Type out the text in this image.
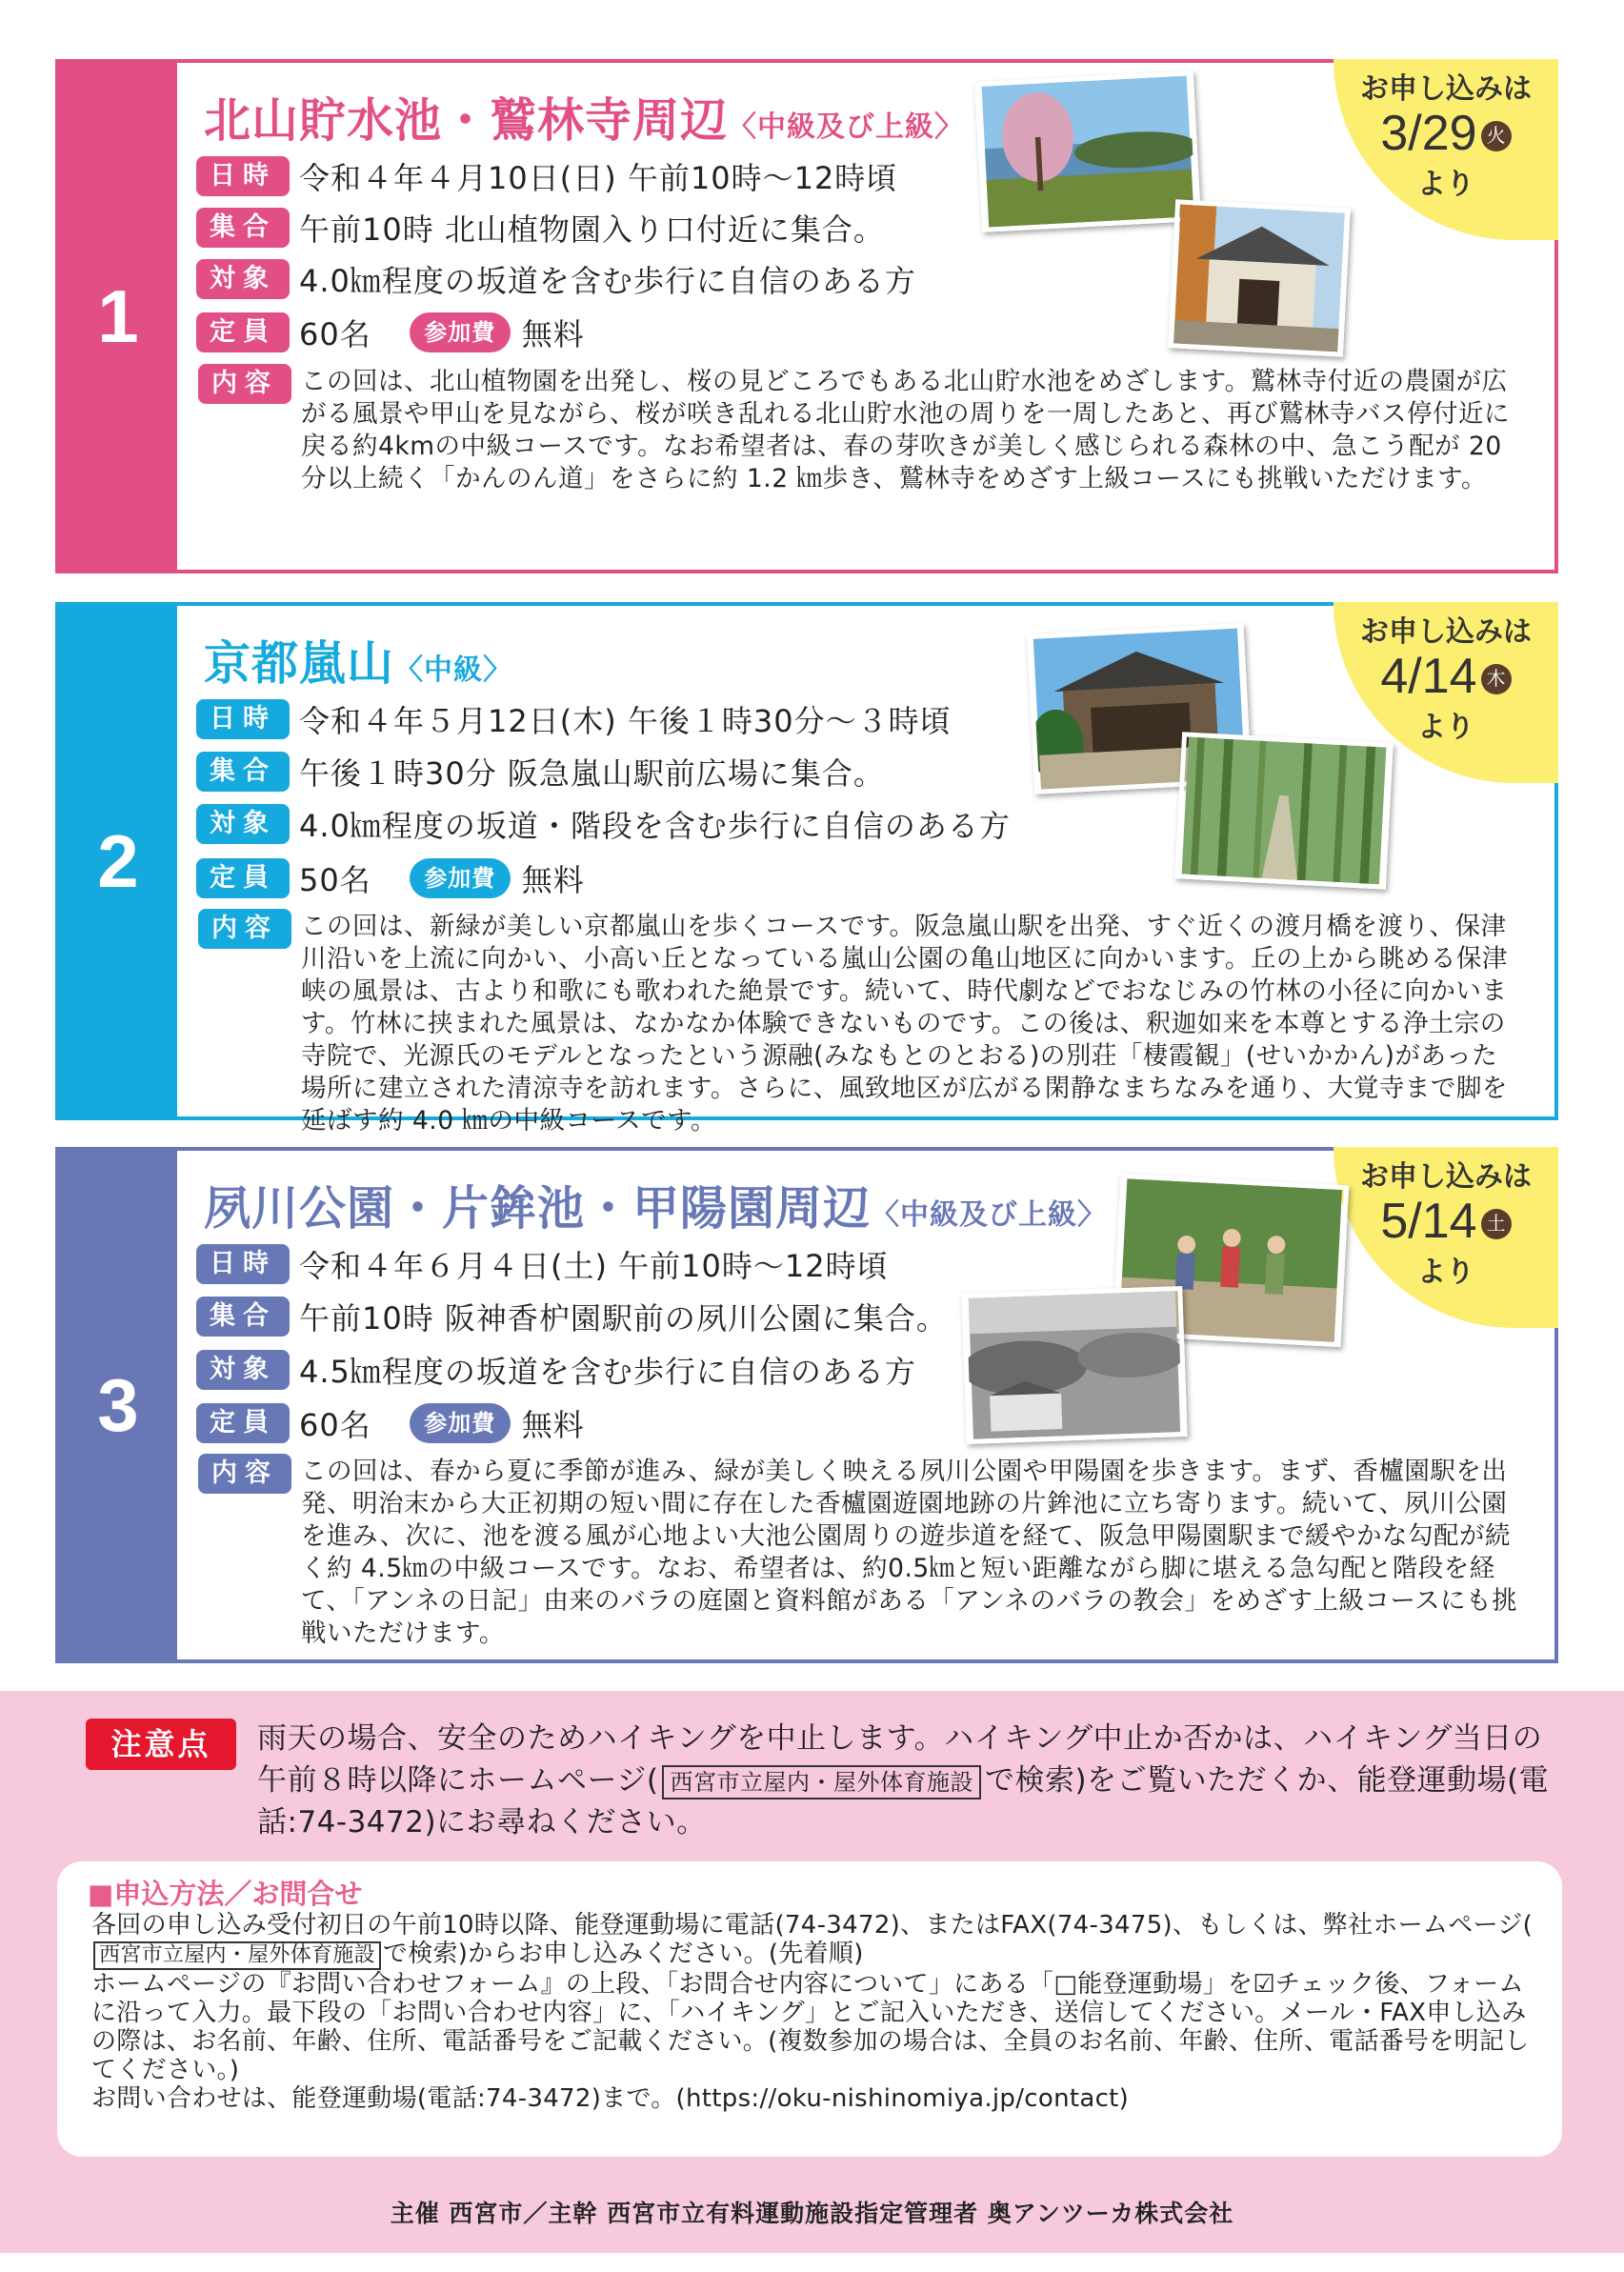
1
北山貯水池・鷲林寺周辺〈中級及び上級〉
お申し込みは
3/29 火
より
日時 令和４年４月10日(日) 午前10時～12時頃
集合 午前10時 北山植物園入り口付近に集合。
対象 4.0㎞程度の坂道を含む歩行に自信のある方
定員 60名	参加費 無料
内容 この回は、北山植物園を出発し、桜の見どころでもある北山貯水池をめざします。鷲林寺付近の農園が広がる風景や甲山を見ながら、桜が咲き乱れる北山貯水池の周りを一周したあと、再び鷲林寺バス停付近に戻る約4kmの中級コースです。なお希望者は、春の芽吹きが美しく感じられる森林の中、急こう配が 20 分以上続く「かんのん道」をさらに約 1.2 ㎞歩き、鷲林寺をめざす上級コースにも挑戦いただけます。
2
京都嵐山〈中級〉
お申し込みは
4/14 木
より
日時 令和４年５月12日(木) 午後１時30分～３時頃
集合 午後１時30分 阪急嵐山駅前広場に集合。
対象 4.0㎞程度の坂道・階段を含む歩行に自信のある方
定員 50名	参加費 無料
内容 この回は、新緑が美しい京都嵐山を歩くコースです。阪急嵐山駅を出発、すぐ近くの渡月橋を渡り、保津川沿いを上流に向かい、小高い丘となっている嵐山公園の亀山地区に向かいます。丘の上から眺める保津峡の風景は、古より和歌にも歌われた絶景です。続いて、時代劇などでおなじみの竹林の小径に向かいます。竹林に挟まれた風景は、なかなか体験できないものです。この後は、釈迦如来を本尊とする浄土宗の寺院で、光源氏のモデルとなったという源融(みなもとのとおる)の別荘「棲霞観」(せいかかん)があった場所に建立された清涼寺を訪れます。さらに、風致地区が広がる閑静なまちなみを通り、大覚寺まで脚を延ばす約 4.0 ㎞の中級コースです。
3
夙川公園・片鉾池・甲陽園周辺〈中級及び上級〉
お申し込みは
5/14 土
より
日時 令和４年６月４日(土) 午前10時～12時頃
集合 午前10時 阪神香枦園駅前の夙川公園に集合。
対象 4.5㎞程度の坂道を含む歩行に自信のある方
定員 60名	参加費 無料
内容 この回は、春から夏に季節が進み、緑が美しく映える夙川公園や甲陽園を歩きます。まず、香櫨園駅を出発、明治末から大正初期の短い間に存在した香櫨園遊園地跡の片鉾池に立ち寄ります。続いて、夙川公園を進み、次に、池を渡る風が心地よい大池公園周りの遊歩道を経て、阪急甲陽園駅まで緩やかな勾配が続く約 4.5㎞の中級コースです。なお、希望者は、約0.5㎞と短い距離ながら脚に堪える急勾配と階段を経て、「アンネの日記」由来のバラの庭園と資料館がある「アンネのバラの教会」をめざす上級コースにも挑戦いただけます。
注意点	雨天の場合、安全のためハイキングを中止します。ハイキング中止か否かは、ハイキング当日の午前８時以降にホームページ( 西宮市立屋内・屋外体育施設 で検索)をご覧いただくか、能登運動場(電話:74-3472)にお尋ねください。
■申込方法／お問合せ

各回の申し込み受付初日の午前10時以降、能登運動場に電話(74-3472)、またはFAX(74-3475)、もしくは、弊社ホームページ(西宮市立屋内・屋外体育施設 で検索)からお申し込みください。(先着順)

ホームページの『お問い合わせフォーム』の上段、「お問合せ内容について」にある「□能登運動場」を☑チェック後、フォームに沿って入力。最下段の「お問い合わせ内容」に、「ハイキング」とご記入いただき、送信してください。メール・FAX申し込みの際は、お名前、年齢、住所、電話番号をご記載ください。(複数参加の場合は、全員のお名前、年齢、住所、電話番号を明記してください。)

お問い合わせは、能登運動場(電話:74-3472)まで。(https://oku-nishinomiya.jp/contact)

主催 西宮市／主幹 西宮市立有料運動施設指定管理者 奥アンツーカ株式会社
